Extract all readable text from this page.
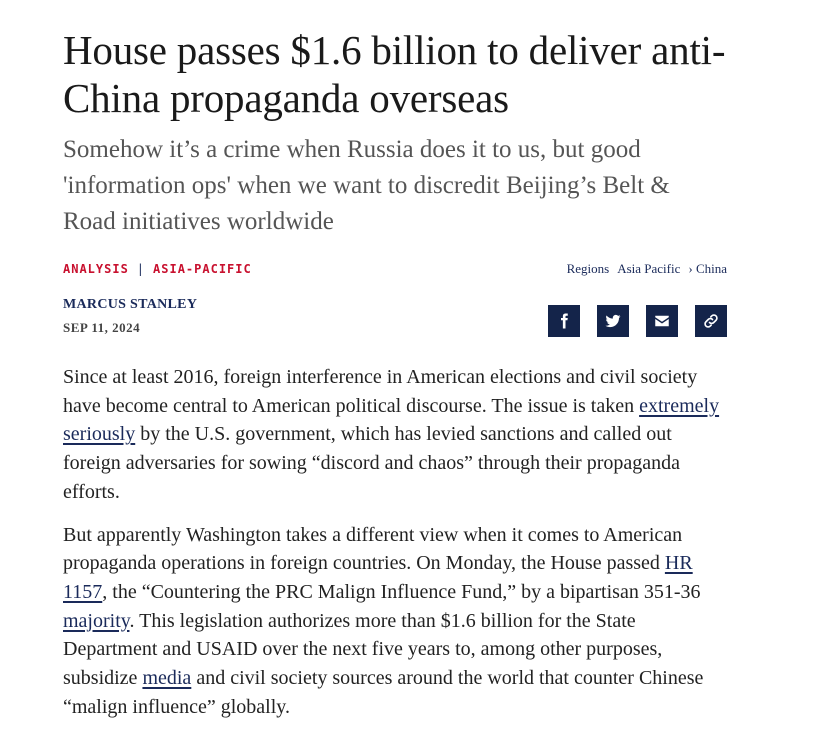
House passes $1.6 billion to deliver anti-China propaganda overseas
Somehow it’s a crime when Russia does it to us, but good 'information ops' when we want to discredit Beijing’s Belt & Road initiatives worldwide
ANALYSIS | ASIA-PACIFIC	Regions Asia Pacific › China
MARCUS STANLEY
SEP 11, 2024

Since at least 2016, foreign interference in American elections and civil society have become central to American political discourse. The issue is taken extremely seriously by the U.S. government, which has levied sanctions and called out foreign adversaries for sowing “discord and chaos” through their propaganda efforts.

But apparently Washington takes a different view when it comes to American propaganda operations in foreign countries. On Monday, the House passed HR 1157, the “Countering the PRC Malign Influence Fund,” by a bipartisan 351-36 majority. This legislation authorizes more than $1.6 billion for the State Department and USAID over the next five years to, among other purposes, subsidize media and civil society sources around the world that counter Chinese “malign influence” globally.
